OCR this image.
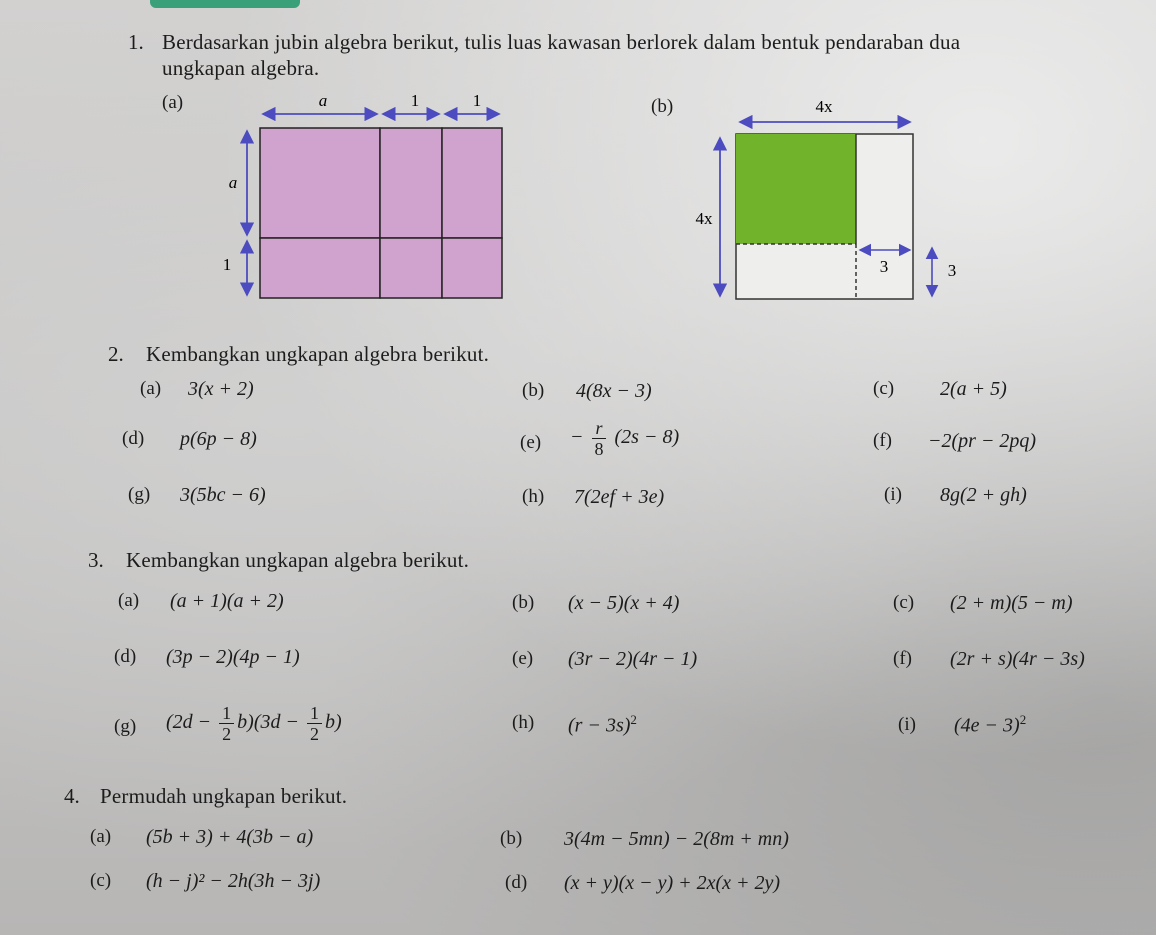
1. Berdasarkan jubin algebra berikut, tulis luas kawasan berlorek dalam bentuk pendaraban dua
ungkapan algebra.
(a)	(b)
a	1	1
a
1
4x
4x
3	3
2. Kembangkan ungkapan algebra berikut.
(a) 3(x + 2)	(b) 4(8x − 3)	(c) 2(a + 5)
(d) p(6p − 8)	$(e) - \frac{r}{8} (2s - 8)$	(f) −2(pr − 2pq)
(g) 3(5bc − 6)	(h) 7(2ef + 3e)	(i) 8g(2 + gh)
3. Kembangkan ungkapan algebra berikut.
(a) (a + 1)(a + 2)	(b) (x − 5)(x + 4)	(c) (2 + m)(5 − m)
(d) (3p − 2)(4p − 1)	(e) (3r − 2)(4r − 1)	(f) (2r + s)(4r − 3s)
(g) $(2d - \frac{1}{2} b)(3d - \frac{1}{2} b)$	(h) $(r - 3s)^2$	(i) $(4e - 3)^2$
4. Permudah ungkapan berikut.
(a) (5b + 3) + 4(3b − a)	(b) 3(4m − 5mn) − 2(8m + mn)
(c) (h − j)² − 2h(3h − 3j)	(d) (x + y)(x − y) + 2x(x + 2y)
